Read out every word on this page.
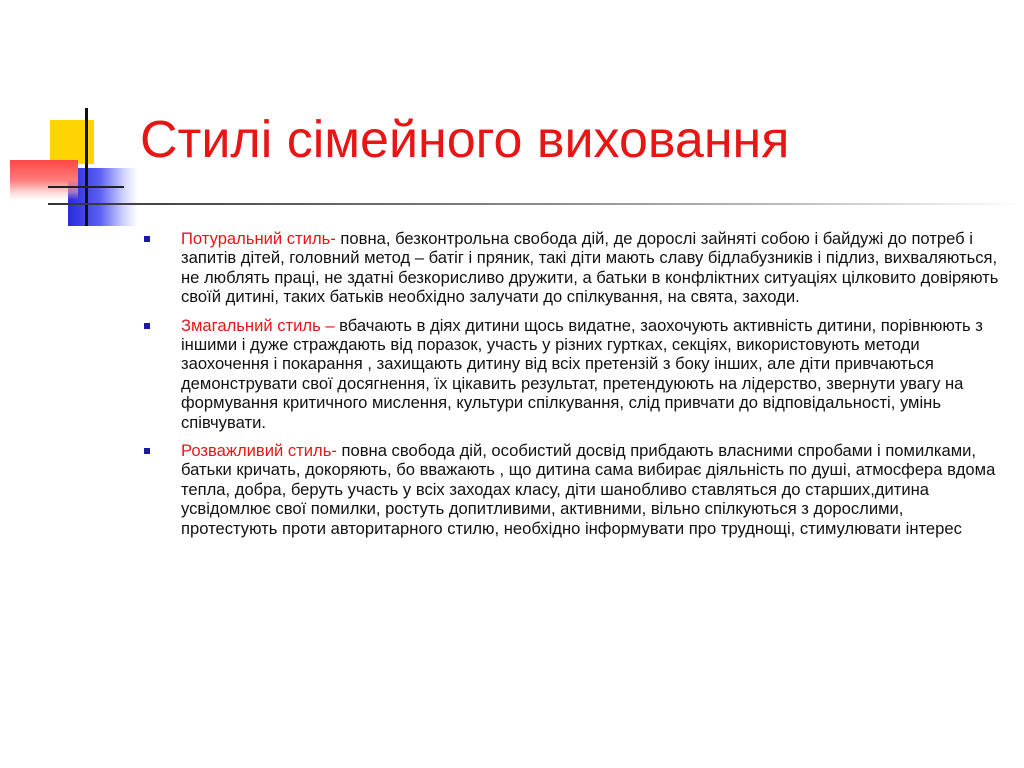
Стилі сімейного виховання
Потуральний стиль- повна, безконтрольна свобода дій, де дорослі зайняті собою і байдужі до потреб і запитів дітей, головний метод – батіг і пряник, такі діти мають славу бідлабузників і підлиз, вихваляються, не люблять праці, не здатні безкорисливо дружити, а батьки в конфліктних ситуаціях цілковито довіряють своїй дитині, таких батьків необхідно залучати до спілкування, на свята, заходи.
Змагальний стиль – вбачають в діях дитини щось видатне, заохочують активність дитини, порівнюють з іншими і дуже страждають від поразок, участь у різних гуртках, секціях, використовують методи заохочення і покарання , захищають дитину від всіх претензій з боку інших, але діти привчаються демонструвати свої досягнення, їх цікавить результат, претендуюють на лідерство, звернути увагу на формування критичного мислення, культури спілкування, слід привчати до відповідальності, умінь співчувати.
Розважливий стиль- повна свобода дій, особистий досвід прибдають власними спробами і помилками, батьки кричать, докоряють, бо вважають , що дитина сама вибирає діяльність по душі, атмосфера вдома тепла, добра, беруть участь у всіх заходах класу, діти шанобливо ставляться до старших,дитина усвідомлює свої помилки, ростуть допитливими, активними, вільно спілкуються з дорослими, протестують проти авторитарного стилю, необхідно інформувати про труднощі, стимулювати інтерес
